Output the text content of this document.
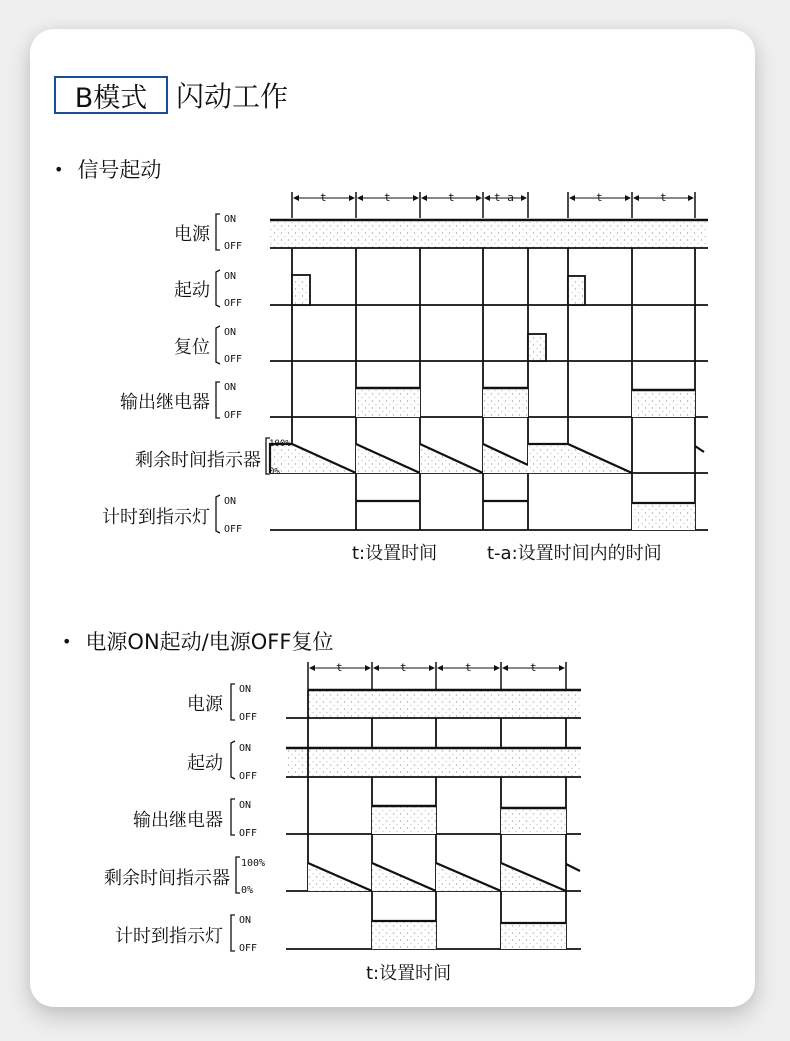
B模式 闪动工作
• 信号起动
• 电源ON起动/电源OFF复位
t	t	t	t-a	t	t
电源
ON
OFF
起动
ON
OFF
复位
ON
OFF
输出继电器
ON
OFF
剩余时间指示器
100%
0%
计时到指示灯
ON
OFF
t:设置时间	t-a:设置时间内的时间
t	t	t	t
电源
ON
OFF
起动
ON
OFF
输出继电器
ON
OFF
剩余时间指示器
100%
0%
计时到指示灯
ON
OFF
t:设置时间
